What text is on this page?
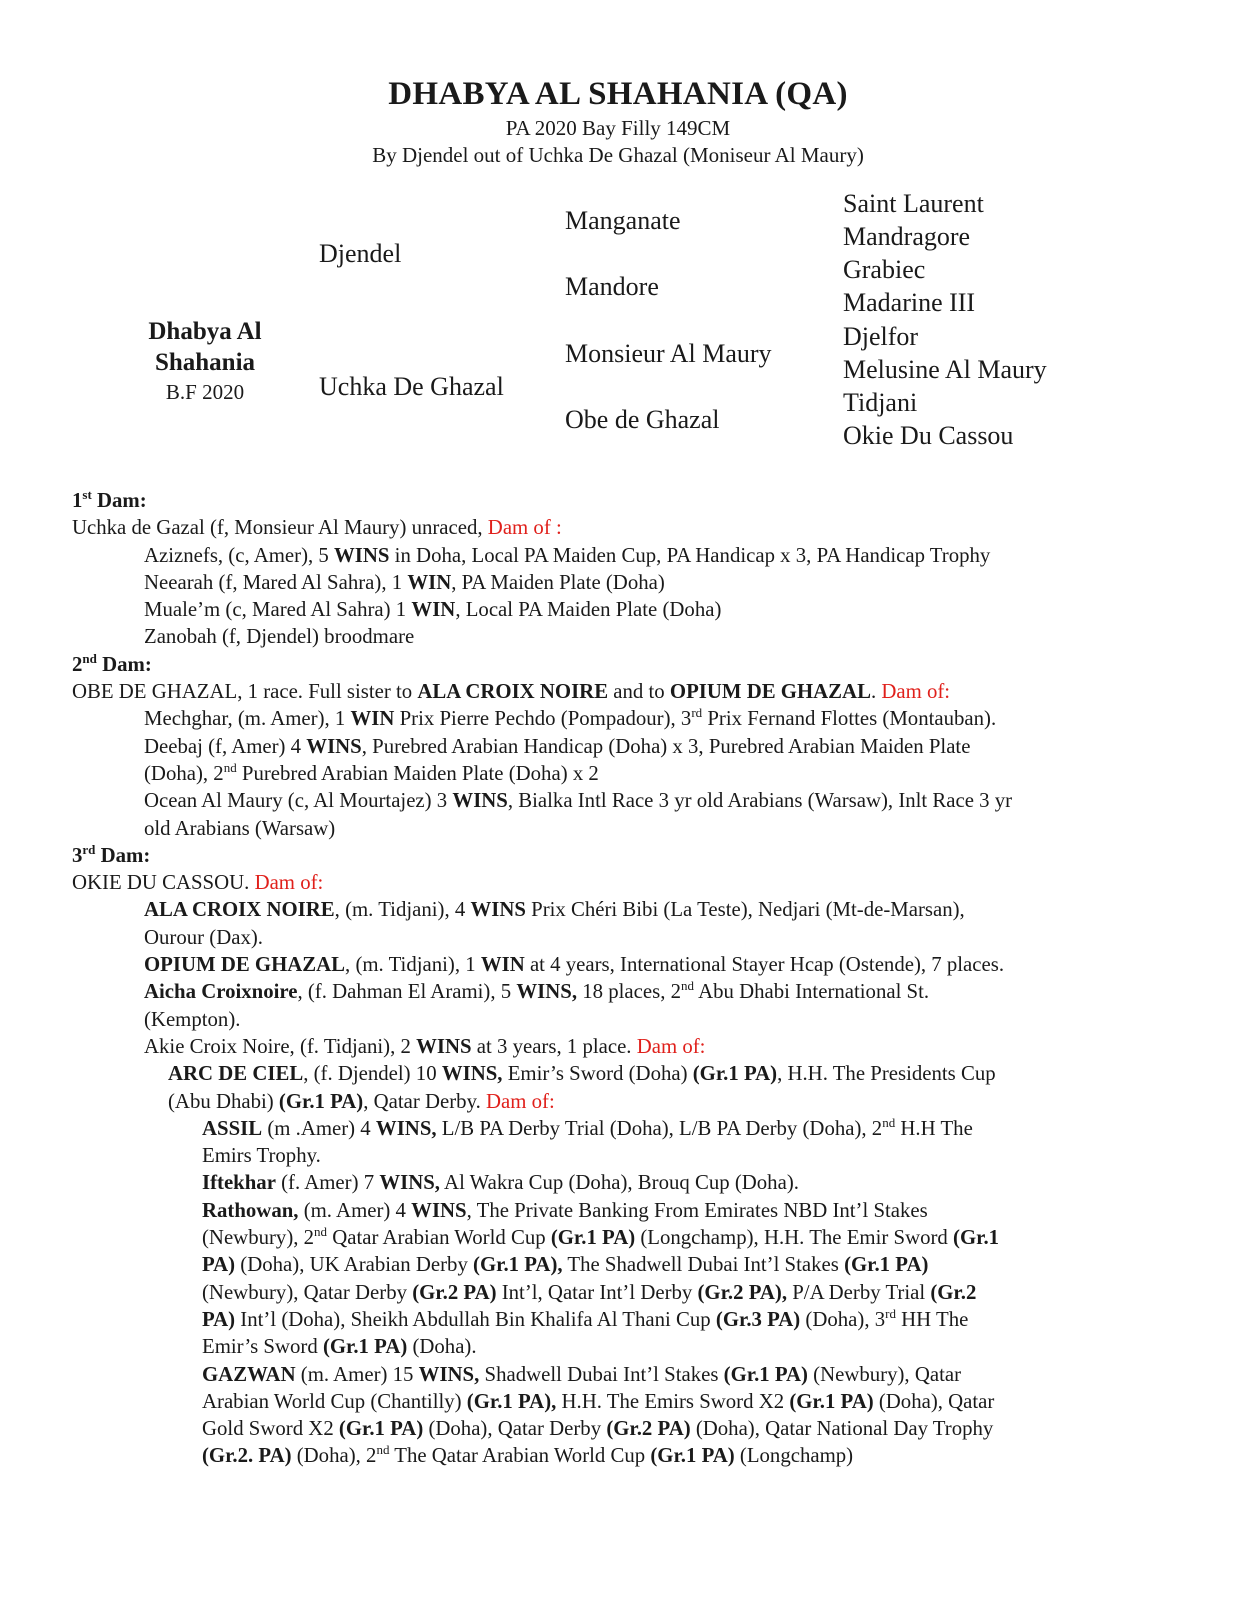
DHABYA AL SHAHANIA (QA)
PA 2020 Bay Filly 149CM
By Djendel out of Uchka De Ghazal (Moniseur Al Maury)
Dhabya Al
Shahania
B.F 2020
Djendel
Uchka De Ghazal
Manganate
Mandore
Monsieur Al Maury
Obe de Ghazal
Saint Laurent
Mandragore
Grabiec
Madarine III
Djelfor
Melusine Al Maury
Tidjani
Okie Du Cassou

1st Dam:

Uchka de Gazal (f, Monsieur Al Maury) unraced, Dam of :

Aziznefs, (c, Amer), 5 WINS in Doha, Local PA Maiden Cup, PA Handicap x 3, PA Handicap Trophy

Neearah (f, Mared Al Sahra), 1 WIN, PA Maiden Plate (Doha)

Muale’m (c, Mared Al Sahra) 1 WIN, Local PA Maiden Plate (Doha)

Zanobah (f, Djendel) broodmare

2nd Dam:

OBE DE GHAZAL, 1 race. Full sister to ALA CROIX NOIRE and to OPIUM DE GHAZAL. Dam of:

Mechghar, (m. Amer), 1 WIN Prix Pierre Pechdo (Pompadour), 3rd Prix Fernand Flottes (Montauban).

Deebaj (f, Amer) 4 WINS, Purebred Arabian Handicap (Doha) x 3, Purebred Arabian Maiden Plate

(Doha), 2nd Purebred Arabian Maiden Plate (Doha) x 2

Ocean Al Maury (c, Al Mourtajez) 3 WINS, Bialka Intl Race 3 yr old Arabians (Warsaw), Inlt Race 3 yr

old Arabians (Warsaw)

3rd Dam:

OKIE DU CASSOU. Dam of:

ALA CROIX NOIRE, (m. Tidjani), 4 WINS Prix Chéri Bibi (La Teste), Nedjari (Mt-de-Marsan),

Ourour (Dax).

OPIUM DE GHAZAL, (m. Tidjani), 1 WIN at 4 years, International Stayer Hcap (Ostende), 7 places.

Aicha Croixnoire, (f. Dahman El Arami), 5 WINS, 18 places, 2nd Abu Dhabi International St.

(Kempton).

Akie Croix Noire, (f. Tidjani), 2 WINS at 3 years, 1 place. Dam of:

ARC DE CIEL, (f. Djendel) 10 WINS, Emir’s Sword (Doha) (Gr.1 PA), H.H. The Presidents Cup

(Abu Dhabi) (Gr.1 PA), Qatar Derby. Dam of:

ASSIL (m .Amer) 4 WINS, L/B PA Derby Trial (Doha), L/B PA Derby (Doha), 2nd H.H The

Emirs Trophy.

Iftekhar (f. Amer) 7 WINS, Al Wakra Cup (Doha), Brouq Cup (Doha).

Rathowan, (m. Amer) 4 WINS, The Private Banking From Emirates NBD Int’l Stakes

(Newbury), 2nd Qatar Arabian World Cup (Gr.1 PA) (Longchamp), H.H. The Emir Sword (Gr.1

PA) (Doha), UK Arabian Derby (Gr.1 PA), The Shadwell Dubai Int’l Stakes (Gr.1 PA)

(Newbury), Qatar Derby (Gr.2 PA) Int’l, Qatar Int’l Derby (Gr.2 PA), P/A Derby Trial (Gr.2

PA) Int’l (Doha), Sheikh Abdullah Bin Khalifa Al Thani Cup (Gr.3 PA) (Doha), 3rd HH The

Emir’s Sword (Gr.1 PA) (Doha).

GAZWAN (m. Amer) 15 WINS, Shadwell Dubai Int’l Stakes (Gr.1 PA) (Newbury), Qatar

Arabian World Cup (Chantilly) (Gr.1 PA), H.H. The Emirs Sword X2 (Gr.1 PA) (Doha), Qatar

Gold Sword X2 (Gr.1 PA) (Doha), Qatar Derby (Gr.2 PA) (Doha), Qatar National Day Trophy

(Gr.2. PA) (Doha), 2nd The Qatar Arabian World Cup (Gr.1 PA) (Longchamp)
